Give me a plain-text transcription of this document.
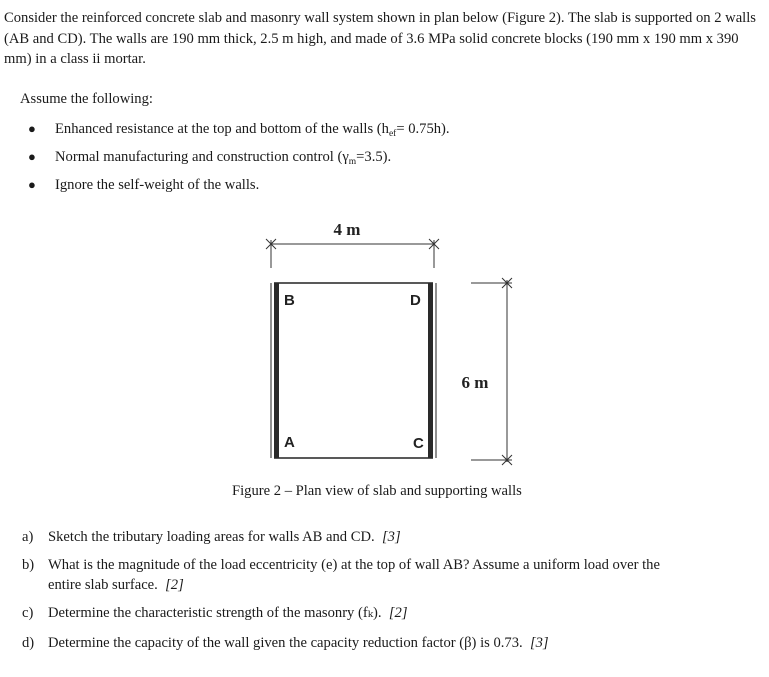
Consider the reinforced concrete slab and masonry wall system shown in plan below (Figure 2). The slab is supported on 2 walls (AB and CD). The walls are 190 mm thick, 2.5 m high, and made of 3.6 MPa solid concrete blocks (190 mm x 190 mm x 390 mm) in a class ii mortar.
Assume the following:
● Enhanced resistance at the top and bottom of the walls $(h_{ef}= 0.75h)$.
● Normal manufacturing and construction control $(\gamma_m=3.5)$.
● Ignore the self-weight of the walls.
4 m
B	D
A	C
6 m
Figure 2 – Plan view of slab and supporting walls
a) Sketch the tributary loading areas for walls AB and CD. [3]
b) What is the magnitude of the load eccentricity (e) at the top of wall AB? Assume a uniform load over the entire slab surface. [2]
c) Determine the characteristic strength of the masonry (fₖ). [2]
d) Determine the capacity of the wall given the capacity reduction factor (β) is 0.73. [3]
